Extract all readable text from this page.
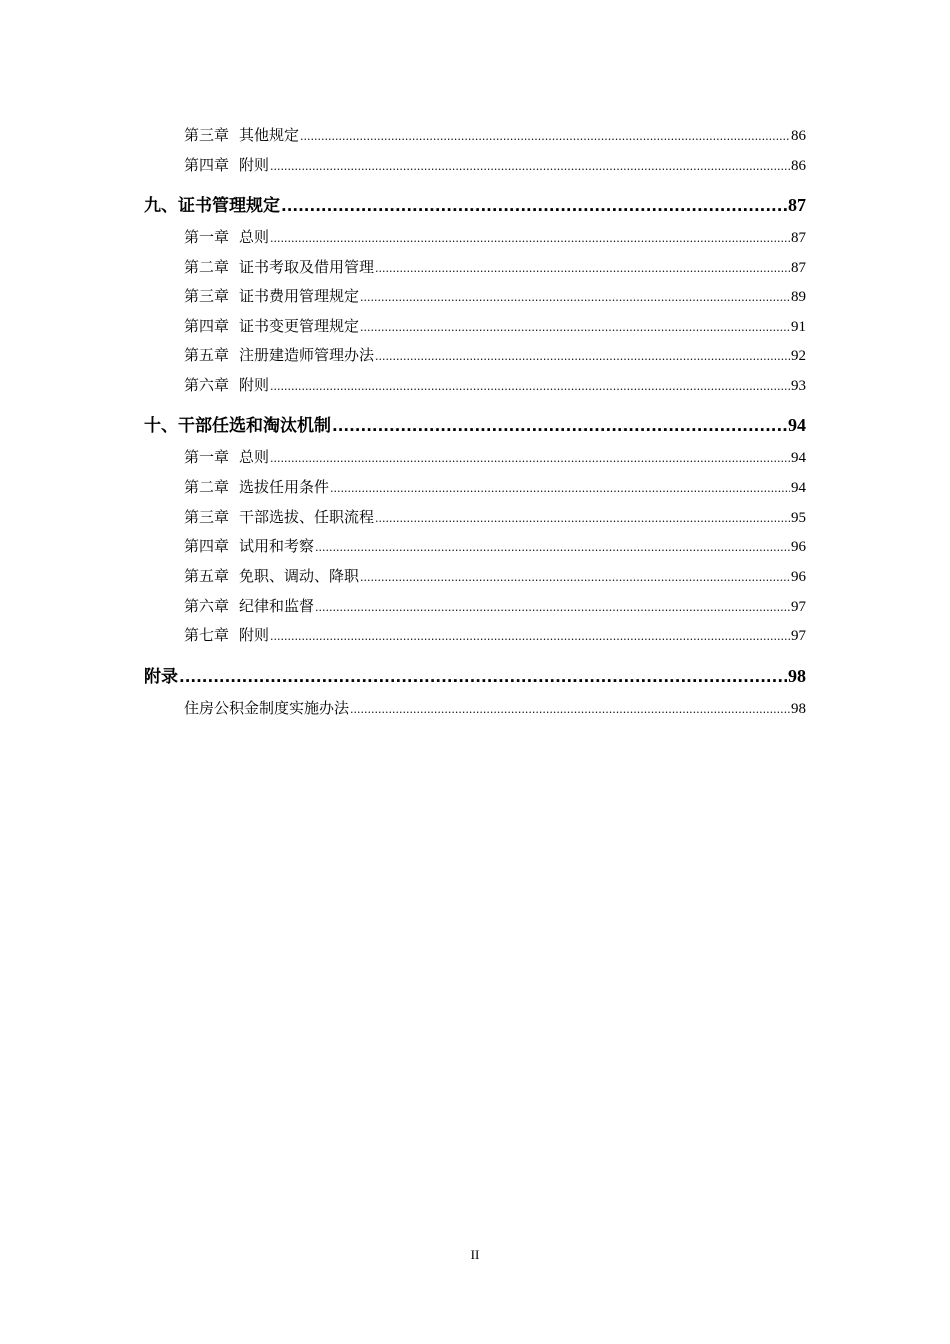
第三章 其他规定 .....	86
第四章 附则 .....	86
九、证书管理规定 .....	87
第一章 总则 .....	87
第二章 证书考取及借用管理 .....	87
第三章 证书费用管理规定 .....	89
第四章 证书变更管理规定 .....	91
第五章 注册建造师管理办法 .....	92
第六章 附则 .....	93
十、干部任选和淘汰机制 .....	94
第一章 总则 .....	94
第二章 选拔任用条件 .....	94
第三章 干部选拔、任职流程 .....	95
第四章 试用和考察 .....	96
第五章 免职、调动、降职 .....	96
第六章 纪律和监督 .....	97
第七章 附则 .....	97
附录 .....	98
住房公积金制度实施办法 .....	98
II
